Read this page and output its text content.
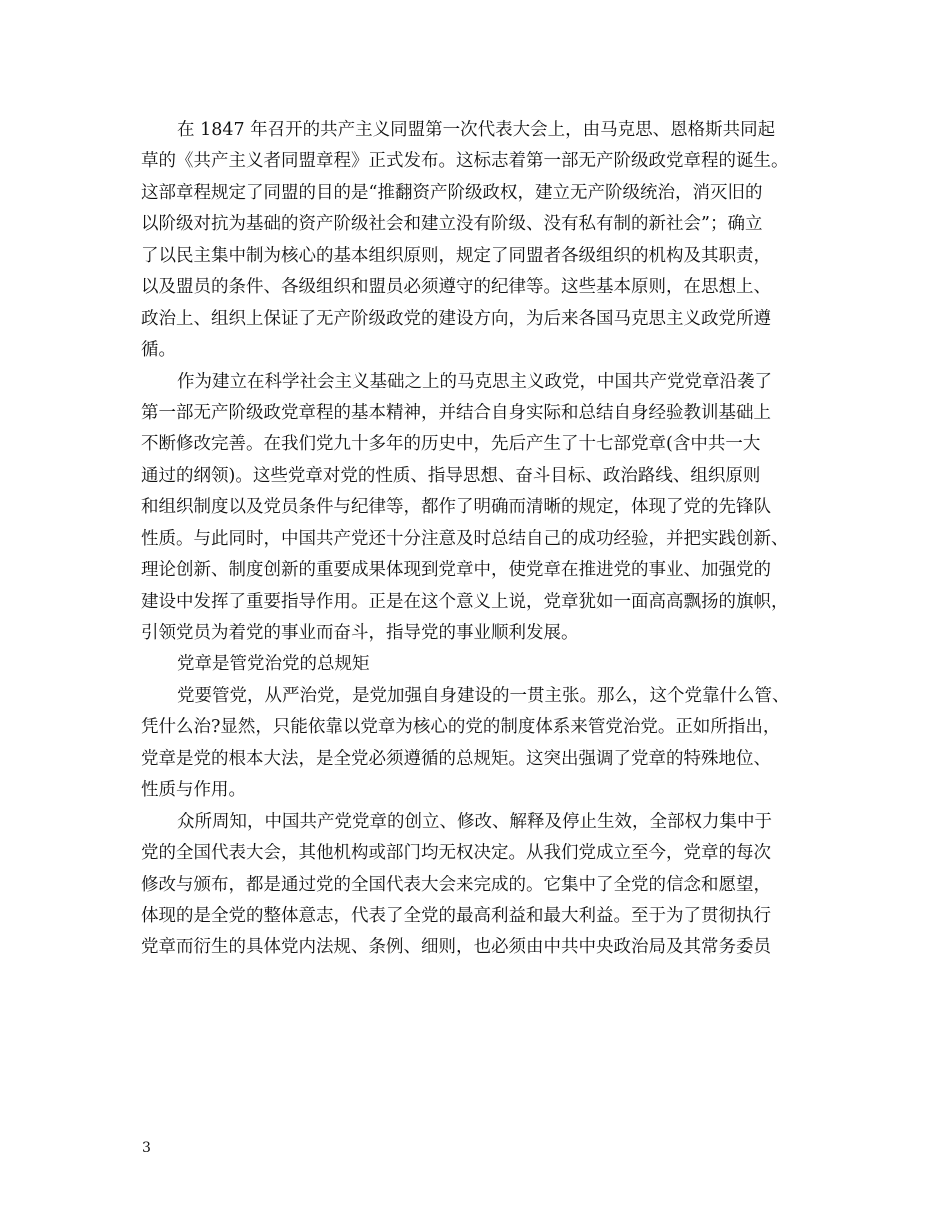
在 1847 年召开的共产主义同盟第一次代表大会上，由马克思、恩格斯共同起
草的《共产主义者同盟章程》正式发布。这标志着第一部无产阶级政党章程的诞生。
这部章程规定了同盟的目的是“推翻资产阶级政权，建立无产阶级统治，消灭旧的
以阶级对抗为基础的资产阶级社会和建立没有阶级、没有私有制的新社会”；确立
了以民主集中制为核心的基本组织原则，规定了同盟者各级组织的机构及其职责，
以及盟员的条件、各级组织和盟员必须遵守的纪律等。这些基本原则，在思想上、
政治上、组织上保证了无产阶级政党的建设方向，为后来各国马克思主义政党所遵
循。
作为建立在科学社会主义基础之上的马克思主义政党，中国共产党党章沿袭了
第一部无产阶级政党章程的基本精神，并结合自身实际和总结自身经验教训基础上
不断修改完善。在我们党九十多年的历史中，先后产生了十七部党章(含中共一大
通过的纲领)。这些党章对党的性质、指导思想、奋斗目标、政治路线、组织原则
和组织制度以及党员条件与纪律等，都作了明确而清晰的规定，体现了党的先锋队
性质。与此同时，中国共产党还十分注意及时总结自己的成功经验，并把实践创新、
理论创新、制度创新的重要成果体现到党章中，使党章在推进党的事业、加强党的
建设中发挥了重要指导作用。正是在这个意义上说，党章犹如一面高高飘扬的旗帜，
引领党员为着党的事业而奋斗，指导党的事业顺利发展。
党章是管党治党的总规矩
党要管党，从严治党，是党加强自身建设的一贯主张。那么，这个党靠什么管、
凭什么治?显然，只能依靠以党章为核心的党的制度体系来管党治党。正如所指出，
党章是党的根本大法，是全党必须遵循的总规矩。这突出强调了党章的特殊地位、
性质与作用。
众所周知，中国共产党党章的创立、修改、解释及停止生效，全部权力集中于
党的全国代表大会，其他机构或部门均无权决定。从我们党成立至今，党章的每次
修改与颁布，都是通过党的全国代表大会来完成的。它集中了全党的信念和愿望，
体现的是全党的整体意志，代表了全党的最高利益和最大利益。至于为了贯彻执行
党章而衍生的具体党内法规、条例、细则，也必须由中共中央政治局及其常务委员
3
